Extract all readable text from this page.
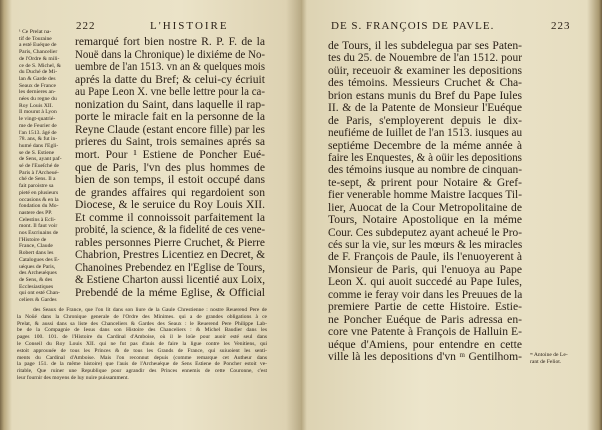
222	L'HISTOIRE
remarqué fort bien nostre R. P. F. de la
Nouë dans la Chronique) le dixiéme de No-
uembre de l'an 1513. vn an & quelques mois
aprés la datte du Bref; & celui-cy écriuit
au Pape Leon X. vne belle lettre pour la ca-
nonization du Saint, dans laquelle il rap-
porte le miracle fait en la personne de la
Reyne Claude (estant encore fille) par les
prieres du Saint, trois semaines aprés sa
mort. Pour ¹ Estiene de Poncher Eué-
que de Paris, l'vn des plus hommes de
bien de son temps, il estoit occupé dans
de grandes affaires qui regardoient son
Diocese, & le seruice du Roy Louis XII.
Et comme il connoissoit parfaitement la
probité, la science, & la fidelité de ces vene-
rables personnes Pierre Cruchet, & Pierre
Chabrion, Prestres Licentiez en Decret, &
Chanoines Prebendez en l'Eglise de Tours,
& Estiene Charton aussi licentié aux Loix,
Prebendé de la méme Eglise, & Official
¹ Ce Prelat na-
tif de Touraine
a esté Euéque de
Paris, Chancelier
de l'Ordre & mili-
ce de S. Michel, &
du Duché de Mi-
lan & Garde des
Seaux de France
les dernieres an-
nées du regne du
Roy Louis XII.
Il mourut à Lyon
le vingt-quatrié-
me de Feurier de
l'an 1513. âgé de
78. ans, & fut in-
humé dans l'Egli-
se de S. Estiene
de Sens, ayant paf-
sé de l'Eueſché de
Paris à l'Archeué-
ché de Sens. Il a
fait paroistre sa
pieté en plusieurs
occasions & en la
fondation du Mo-
nastere des PP.
Celestins à Ecli-
mont. Il faut voir
nos Escriuains de
l'Histoire de
France, Claude
Robert dans les
Catalogues des E-
uéques de Paris,
des Archeuéques
de Sens, & des
Ecclesiastiques
qui ont esté Chan-
celiers & Gardes
des Seaux de France, que l'on lit dans son liure de la Gaule Chrestienne : nostre Reuerend Pere de
la Noüé dans la Chronique generale de l'Ordre des Minimes. qui a de grandes obligations à ce
Prelat, & aussi dans sa liste des Chanceliers & Gardes des Seaux : le Reuerend Pere Philippe Lab-
be de la Compagnie de Iesus dans son Histoire des Chanceliers : & Michel Baudier dans les
pages 100. 101. de l'Histoire du Cardinal d'Amboise, où il le loüe pour auoir esté seul dans
le Conseil du Roy Louis XII. qui ne fut pas d'auis de faire la ligue contre les Venitiens, qui
estoit approuuée de tous les Princes & de tous les Grands de France, qui suiuoient les senti-
ments du Cardinal d'Amboise. Mais l'on reconnut depuis (comme remarque cet Autheur dans
la page 151. de la même histoire) que l'auis de l'Archeuéque de Sens Estiene de Poncher estoit ve-
ritable, Que ruiner une Republique pour agrandir des Princes ennemis de cette Couronne, c'est
leur fournir des moyens de luy nuire puissamment.
DE S. FRANÇOIS DE PAVLE.	223
de Tours, il les subdelegua par ses Paten-
tes du 25. de Nouembre de l'an 1512. pour
oüir, receuoir & examiner les depositions
des témoins. Messieurs Cruchet & Cha-
brion estans munis du Bref du Pape Iules
II. & de la Patente de Monsieur l'Euéque
de Paris, s'employerent depuis le dix-
neufiéme de Iuillet de l'an 1513. iusques au
septiéme Decembre de la méme année à
faire les Enquestes, & à oüir les depositions
des témoins iusque au nombre de cinquan-
te-sept, & prirent pour Notaire & Gref-
fier venerable homme Maistre Iacques Til-
lier, Auocat de la Cour Metropolitaine de
Tours, Notaire Apostolique en la méme
Cour. Ces subdeputez ayant acheué le Pro-
cés sur la vie, sur les mœurs & les miracles
de F. François de Paule, ils l'enuoyerent à
Monsieur de Paris, qui l'enuoya au Pape
Leon X. qui auoit succedé au Pape Iules,
comme ie feray voir dans les Preuues de la
premiere Partie de cette Histoire. Estie-
ne Poncher Euéque de Paris adressa en-
core vne Patente à François de Halluin E-
uéque d'Amiens, pour entendre en cette
ville là les depositions d'vn ᵐ Gentilhom- ᵐ Antoine de Le-
rant de Feliot.
